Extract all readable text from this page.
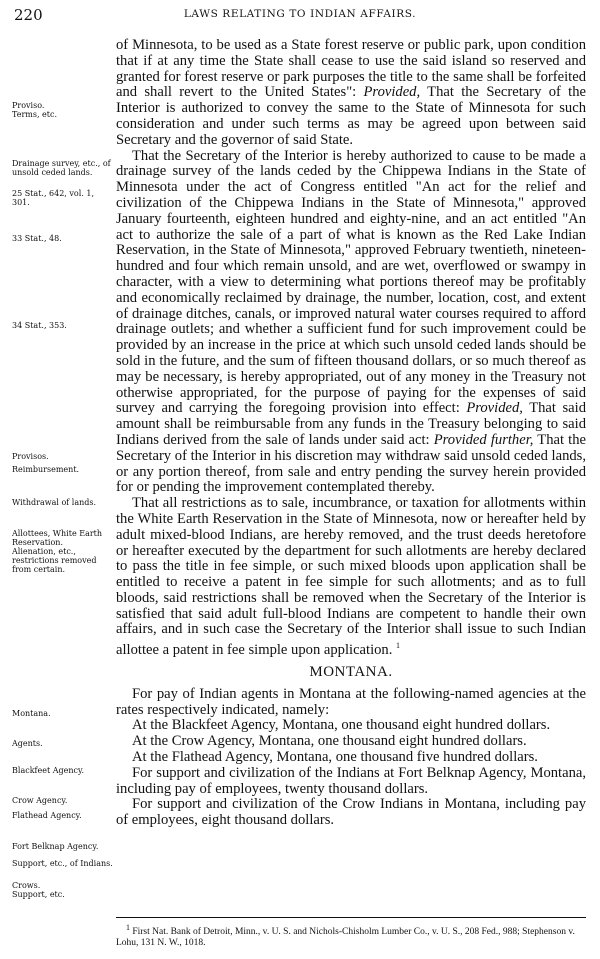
220	LAWS RELATING TO INDIAN AFFAIRS.
Proviso.
Terms, etc.
Drainage survey, etc., of unsold ceded lands.
25 Stat., 642, vol. 1, 301.
33 Stat., 48.
34 Stat., 353.
Provisos.
Reimbursement.
Withdrawal of lands.
Allottees, White Earth Reservation.
Alienation, etc., restrictions removed from certain.
Montana.
Agents.
Blackfeet Agency.
Crow Agency.
Flathead Agency.
Fort Belknap Agency.
Support, etc., of Indians.
Crows.
Support, etc.

of Minnesota, to be used as a State forest reserve or public park, upon condition that if at any time the State shall cease to use the said island so reserved and granted for forest reserve or park purposes the title to the same shall be forfeited and shall revert to the United States": Provided, That the Secretary of the Interior is authorized to convey the same to the State of Minnesota for such consideration and under such terms as may be agreed upon between said Secretary and the governor of said State.

That the Secretary of the Interior is hereby authorized to cause to be made a drainage survey of the lands ceded by the Chippewa Indians in the State of Minnesota under the act of Congress entitled "An act for the relief and civilization of the Chippewa Indians in the State of Minnesota," approved January fourteenth, eighteen hundred and eighty-nine, and an act entitled "An act to authorize the sale of a part of what is known as the Red Lake Indian Reservation, in the State of Minnesota," approved February twentieth, nineteen-hundred and four which remain unsold, and are wet, overflowed or swampy in character, with a view to determining what portions thereof may be profitably and economically reclaimed by drainage, the number, location, cost, and extent of drainage ditches, canals, or improved natural water courses required to afford drainage outlets; and whether a sufficient fund for such improvement could be provided by an increase in the price at which such unsold ceded lands should be sold in the future, and the sum of fifteen thousand dollars, or so much thereof as may be necessary, is hereby appropriated, out of any money in the Treasury not otherwise appropriated, for the purpose of paying for the expenses of said survey and carrying the foregoing provision into effect: Provided, That said amount shall be reimbursable from any funds in the Treasury belonging to said Indians derived from the sale of lands under said act: Provided further, That the Secretary of the Interior in his discretion may withdraw said unsold ceded lands, or any portion thereof, from sale and entry pending the survey herein provided for or pending the improvement contemplated thereby.

That all restrictions as to sale, incumbrance, or taxation for allotments within the White Earth Reservation in the State of Minnesota, now or hereafter held by adult mixed-blood Indians, are hereby removed, and the trust deeds heretofore or hereafter executed by the department for such allotments are hereby declared to pass the title in fee simple, or such mixed bloods upon application shall be entitled to receive a patent in fee simple for such allotments; and as to full bloods, said restrictions shall be removed when the Secretary of the Interior is satisfied that said adult full-blood Indians are competent to handle their own affairs, and in such case the Secretary of the Interior shall issue to such Indian allottee a patent in fee simple upon application. $^1$

MONTANA.

For pay of Indian agents in Montana at the following-named agencies at the rates respectively indicated, namely:

At the Blackfeet Agency, Montana, one thousand eight hundred dollars.

At the Crow Agency, Montana, one thousand eight hundred dollars.

At the Flathead Agency, Montana, one thousand five hundred dollars.

For support and civilization of the Indians at Fort Belknap Agency, Montana, including pay of employees, twenty thousand dollars.

For support and civilization of the Crow Indians in Montana, including pay of employees, eight thousand dollars.

$^1$ First Nat. Bank of Detroit, Minn., v. U. S. and Nichols-Chisholm Lumber Co., v. U. S., 208 Fed., 988; Stephenson v. Lohu, 131 N. W., 1018.
